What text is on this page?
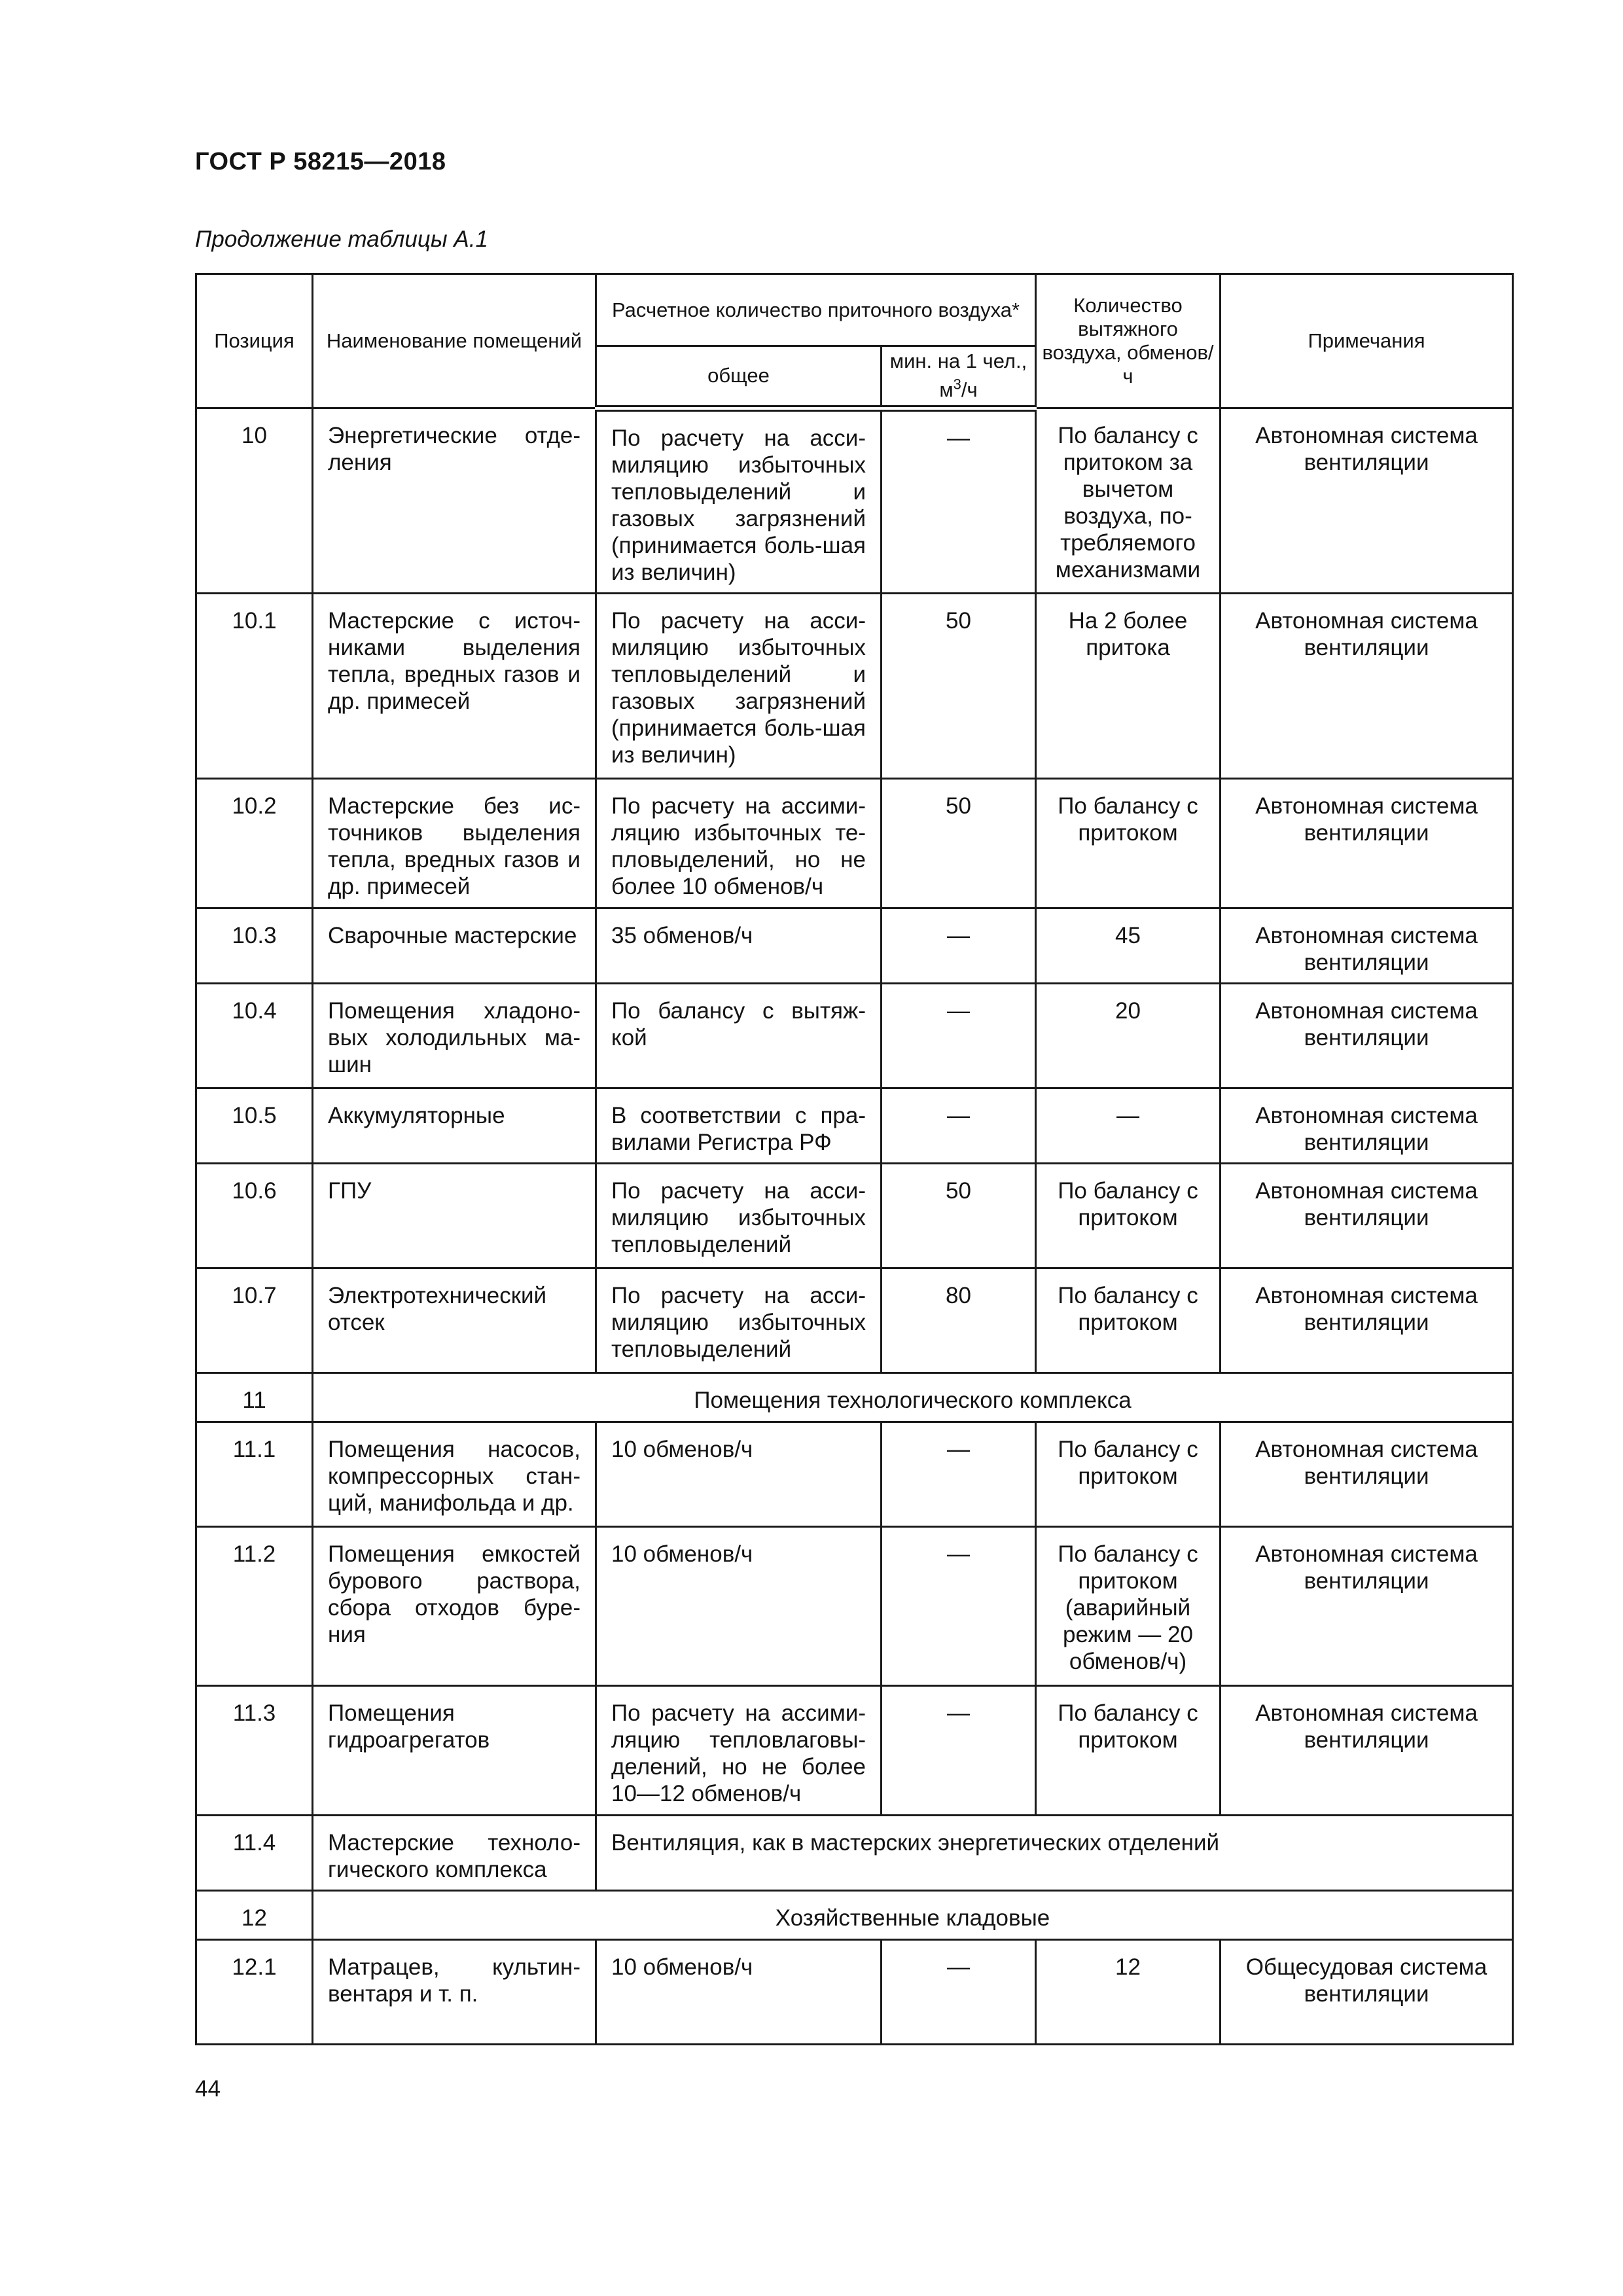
ГОСТ Р 58215—2018
Продолжение таблицы А.1
Позиция	Наименование помещений	Расчетное количество приточного воздуха*		Количество вытяжного воздуха, обменов/ч	Примечания
		общее	мин. на 1 чел.,
$м^3/ч$		
10	Энергетические отде-ления	По расчету на асси-миляцию избыточных тепловыделений и газовых загрязнений (принимается боль-шая из величин)	—	По балансу с притоком за вычетом воздуха, по-требляемого механизмами	Автономная система вентиляции
10.1	Мастерские с источ-никами выделения тепла, вредных газов и др. примесей	По расчету на асси-миляцию избыточных тепловыделений и газовых загрязнений (принимается боль-шая из величин)	50	На 2 более притока	Автономная система вентиляции
10.2	Мастерские без ис-точников выделения тепла, вредных газов и др. примесей	По расчету на ассими-ляцию избыточных те-пловыделений, но не более 10 обменов/ч	50	По балансу с притоком	Автономная система вентиляции
10.3	Сварочные мастерские	35 обменов/ч	—	45	Автономная система вентиляции
10.4	Помещения хладоно-вых холодильных ма-шин	По балансу с вытяж-кой	—	20	Автономная система вентиляции
10.5	Аккумуляторные	В соответствии с пра-вилами Регистра РФ	—	—	Автономная система вентиляции
10.6	ГПУ	По расчету на асси-миляцию избыточных тепловыделений	50	По балансу с притоком	Автономная система вентиляции
10.7	Электротехнический отсек	По расчету на асси-миляцию избыточных тепловыделений	80	По балансу с притоком	Автономная система вентиляции
11	Помещения технологического комплекса				
11.1	Помещения насосов, компрессорных стан-ций, манифольда и др.	10 обменов/ч	—	По балансу с притоком	Автономная система вентиляции
11.2	Помещения емкостей бурового раствора, сбора отходов буре-ния	10 обменов/ч	—	По балансу с притоком (аварийный режим — 20 обменов/ч)	Автономная система вентиляции
11.3	Помещения гидроагрегатов	По расчету на ассими-ляцию тепловлаговы-делений, но не более 10—12 обменов/ч	—	По балансу с притоком	Автономная система вентиляции
11.4	Мастерские техноло-гического комплекса	Вентиляция, как в мастерских энергетических отделений			
12	Хозяйственные кладовые				
12.1	Матрацев, культин-вентаря и т. п.	10 обменов/ч	—	12	Общесудовая система вентиляции
44
